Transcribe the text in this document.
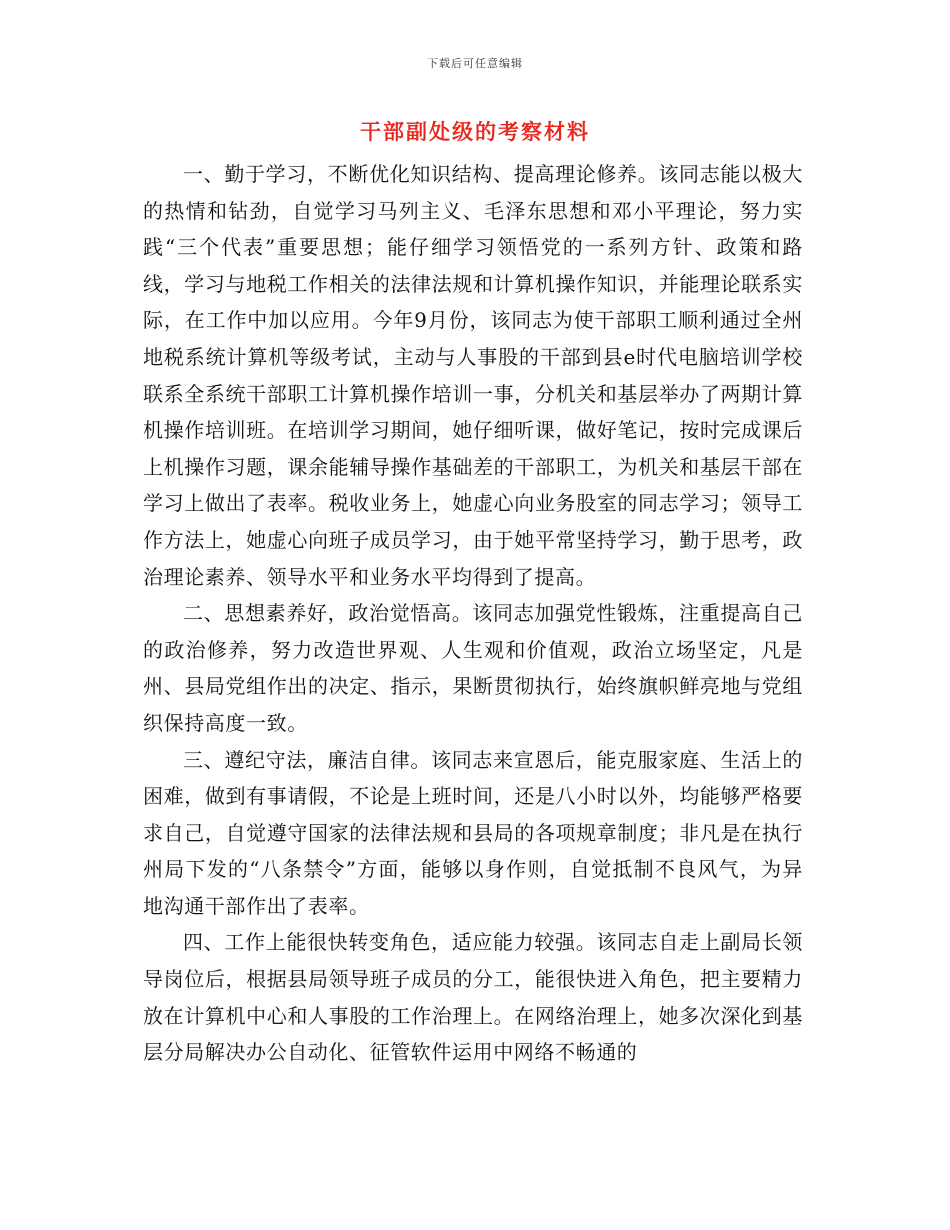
下载后可任意编辑
干部副处级的考察材料

一、勤于学习，不断优化知识结构、提高理论修养。该同志能以极大的热情和钻劲，自觉学习马列主义、毛泽东思想和邓小平理论，努力实践“三个代表”重要思想；能仔细学习领悟党的一系列方针、政策和路线，学习与地税工作相关的法律法规和计算机操作知识，并能理论联系实际，在工作中加以应用。今年9月份，该同志为使干部职工顺利通过全州地税系统计算机等级考试，主动与人事股的干部到县e时代电脑培训学校联系全系统干部职工计算机操作培训一事，分机关和基层举办了两期计算机操作培训班。在培训学习期间，她仔细听课，做好笔记，按时完成课后上机操作习题，课余能辅导操作基础差的干部职工，为机关和基层干部在学习上做出了表率。税收业务上，她虚心向业务股室的同志学习；领导工作方法上，她虚心向班子成员学习，由于她平常坚持学习，勤于思考，政治理论素养、领导水平和业务水平均得到了提高。

二、思想素养好，政治觉悟高。该同志加强党性锻炼，注重提高自己的政治修养，努力改造世界观、人生观和价值观，政治立场坚定，凡是州、县局党组作出的决定、指示，果断贯彻执行，始终旗帜鲜亮地与党组织保持高度一致。

三、遵纪守法，廉洁自律。该同志来宣恩后，能克服家庭、生活上的困难，做到有事请假，不论是上班时间，还是八小时以外，均能够严格要求自己，自觉遵守国家的法律法规和县局的各项规章制度；非凡是在执行州局下发的“八条禁令”方面，能够以身作则，自觉抵制不良风气，为异地沟通干部作出了表率。

四、工作上能很快转变角色，适应能力较强。该同志自走上副局长领导岗位后，根据县局领导班子成员的分工，能很快进入角色，把主要精力放在计算机中心和人事股的工作治理上。在网络治理上，她多次深化到基层分局解决办公自动化、征管软件运用中网络不畅通的
